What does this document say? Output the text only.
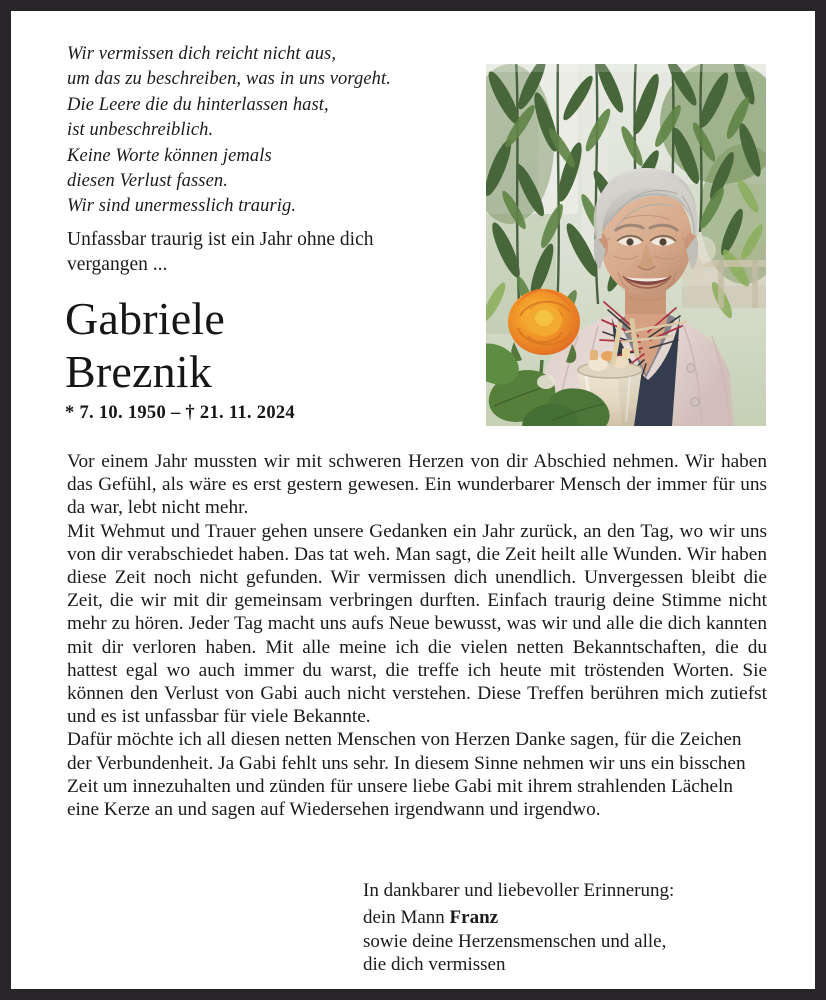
Wir vermissen dich reicht nicht aus,
um das zu beschreiben, was in uns vorgeht.
Die Leere die du hinterlassen hast,
ist unbeschreiblich.
Keine Worte können jemals
diesen Verlust fassen.
Wir sind unermesslich traurig.
Unfassbar traurig ist ein Jahr ohne dich
vergangen ...
Gabriele
Breznik
* 7. 10. 1950 – † 21. 11. 2024

Vor einem Jahr mussten wir mit schweren Herzen von dir Abschied nehmen. Wir haben das Gefühl, als wäre es erst gestern gewesen. Ein wunderbarer Mensch der immer für uns da war, lebt nicht mehr.

Mit Wehmut und Trauer gehen unsere Gedanken ein Jahr zurück, an den Tag, wo wir uns von dir verabschiedet haben. Das tat weh. Man sagt, die Zeit heilt alle Wunden. Wir haben diese Zeit noch nicht gefunden. Wir vermissen dich unendlich. Unvergessen bleibt die Zeit, die wir mit dir gemeinsam verbringen durften. Einfach traurig deine Stimme nicht mehr zu hören. Jeder Tag macht uns aufs Neue bewusst, was wir und alle die dich kannten mit dir verloren haben. Mit alle meine ich die vielen netten Bekanntschaften, die du hattest egal wo auch immer du warst, die treffe ich heute mit tröstenden Worten. Sie können den Verlust von Gabi auch nicht verstehen. Diese Treffen berühren mich zutiefst und es ist unfassbar für viele Bekannte.

Dafür möchte ich all diesen netten Menschen von Herzen Danke sagen, für die Zeichen der Verbundenheit. Ja Gabi fehlt uns sehr. In diesem Sinne nehmen wir uns ein bisschen Zeit um innezuhalten und zünden für unsere liebe Gabi mit ihrem strahlenden Lächeln eine Kerze an und sagen auf Wiedersehen irgendwann und irgendwo.

In dankbarer und liebevoller Erinnerung:
dein Mann Franz
sowie deine Herzensmenschen und alle,
die dich vermissen
